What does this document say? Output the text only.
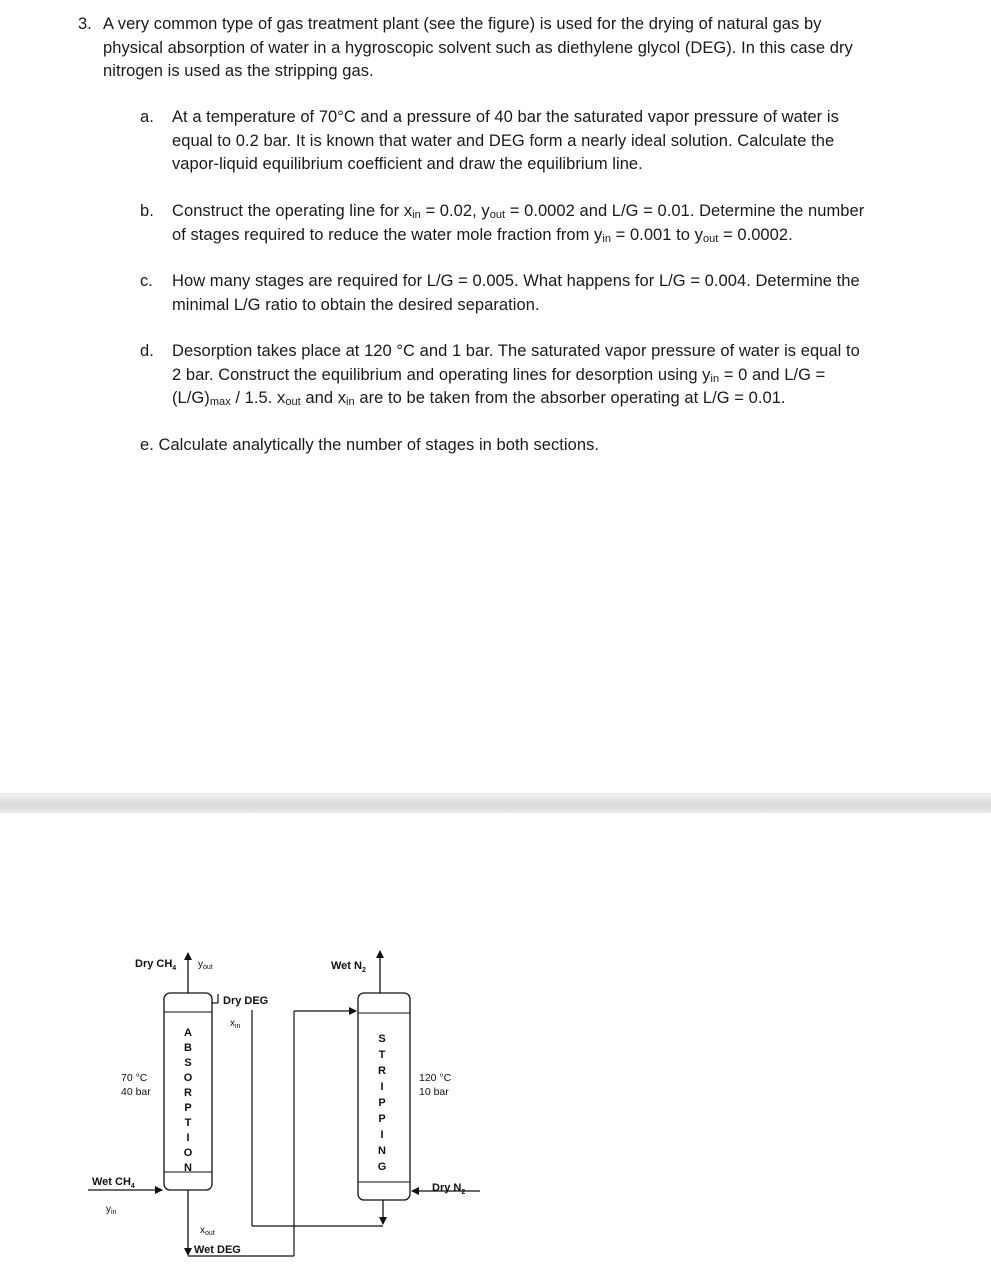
3. A very common type of gas treatment plant (see the figure) is used for the drying of natural gas by
physical absorption of water in a hygroscopic solvent such as diethylene glycol (DEG). In this case dry
nitrogen is used as the stripping gas.
a. At a temperature of 70°C and a pressure of 40 bar the saturated vapor pressure of water is
equal to 0.2 bar. It is known that water and DEG form a nearly ideal solution. Calculate the
vapor-liquid equilibrium coefficient and draw the equilibrium line.
b. Construct the operating line for $x_{in} = 0.02$, $y_{out} = 0.0002$ and L/G = 0.01. Determine the number
of stages required to reduce the water mole fraction from $y_{in} = 0.001$ to $y_{out} = 0.0002$.
c. How many stages are required for L/G = 0.005. What happens for L/G = 0.004. Determine the
minimal L/G ratio to obtain the desired separation.
d. Desorption takes place at 120 °C and 1 bar. The saturated vapor pressure of water is equal to
2 bar. Construct the equilibrium and operating lines for desorption using $y_{in} = 0$ and L/G =
$(L/G)_{max} / 1.5$. $x_{out}$ and $x_{in}$ are to be taken from the absorber operating at L/G = 0.01.
e. Calculate analytically the number of stages in both sections.
Dry $CH_4$ $y_{out}$
Dry DEG
$x_{in}$
Wet $N_2$
70 °C
40 bar
120 °C
10 bar
Wet $CH_4$
$y_{in}$
Dry $N_2$
$x_{out}$
Wet DEG
A
B
S
O
R
P
T
I
O
N
S
T
R
I
P
P
I
N
G
